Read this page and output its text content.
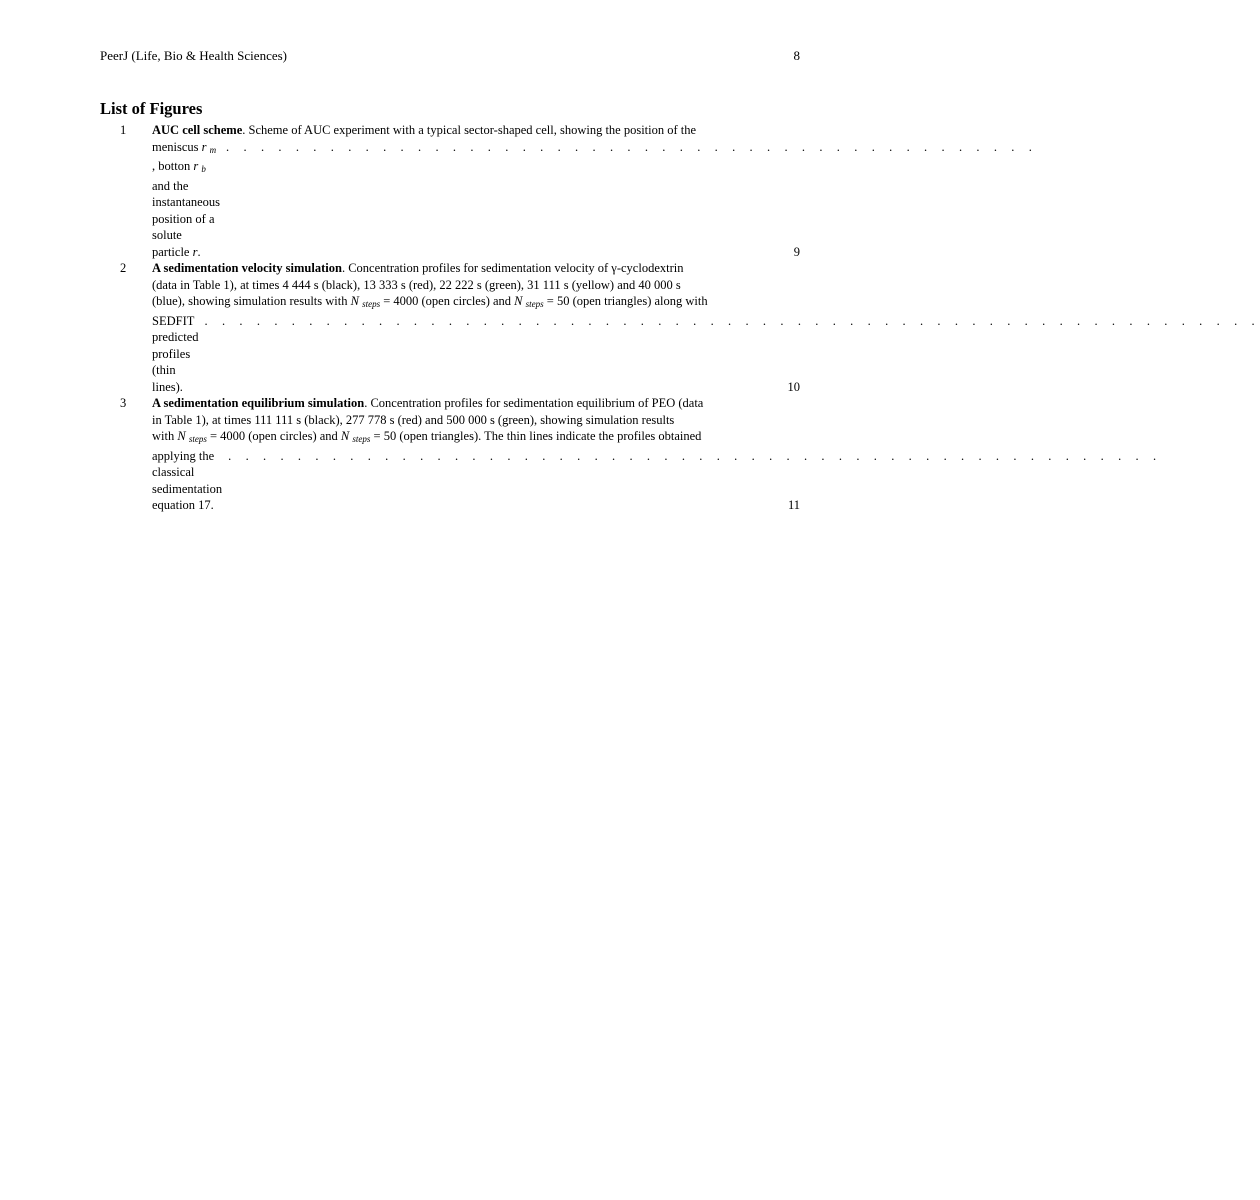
PeerJ (Life, Bio & Health Sciences)	8
List of Figures
1 AUC cell scheme. Scheme of AUC experiment with a typical sector-shaped cell, showing the position of the
meniscus r $_m$ , botton r $_b$ and the instantaneous position of a solute particle r.
. . . . . . . . . . . . . . . . . . . . . . . . . . . . . . . . . . . . . . . . . . . . . . .
9
2 A sedimentation velocity simulation. Concentration profiles for sedimentation velocity of γ-cyclodextrin
(data in Table 1), at times 4 444 s (black), 13 333 s (red), 22 222 s (green), 31 111 s (yellow) and 40 000 s
(blue), showing simulation results with N $_{steps}$ = 4000 (open circles) and N $_{steps}$ = 50 (open triangles) along with
SEDFIT predicted profiles (thin lines).
. . . . . . . . . . . . . . . . . . . . . . . . . . . . . . . . . . . . . . . . . . . . . . . . . . . . . . . . . . . . .
10
3 A sedimentation equilibrium simulation. Concentration profiles for sedimentation equilibrium of PEO (data
in Table 1), at times 111 111 s (black), 277 778 s (red) and 500 000 s (green), showing simulation results
with N $_{steps}$ = 4000 (open circles) and N $_{steps}$ = 50 (open triangles). The thin lines indicate the profiles obtained
applying the classical sedimentation equation 17.
. . . . . . . . . . . . . . . . . . . . . . . . . . . . . . . . . . . . . . . . . . . . . . . . . . . . . .
11
